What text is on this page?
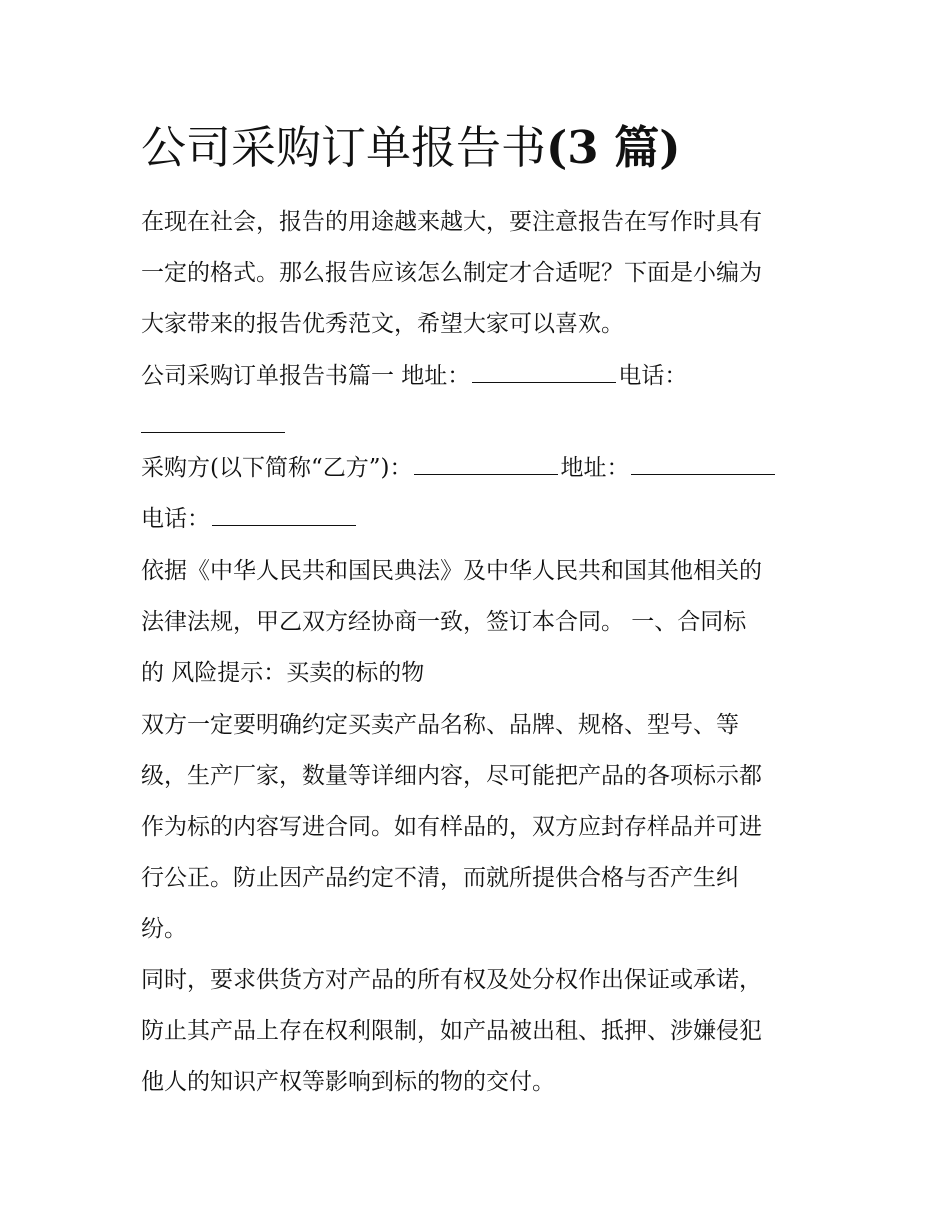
公司采购订单报告书(3 篇)

在现在社会，报告的用途越来越大，要注意报告在写作时具有

一定的格式。那么报告应该怎么制定才合适呢？下面是小编为

大家带来的报告优秀范文，希望大家可以喜欢。

公司采购订单报告书篇一 地址：	电话：

采购方(以下简称“乙方”)：	地址：

电话：

依据《中华人民共和国民典法》及中华人民共和国其他相关的

法律法规，甲乙双方经协商一致，签订本合同。 一、合同标

的 风险提示：买卖的标的物

双方一定要明确约定买卖产品名称、品牌、规格、型号、等

级，生产厂家，数量等详细内容，尽可能把产品的各项标示都

作为标的内容写进合同。如有样品的，双方应封存样品并可进

行公正。防止因产品约定不清，而就所提供合格与否产生纠

纷。

同时，要求供货方对产品的所有权及处分权作出保证或承诺，

防止其产品上存在权利限制，如产品被出租、抵押、涉嫌侵犯

他人的知识产权等影响到标的物的交付。
